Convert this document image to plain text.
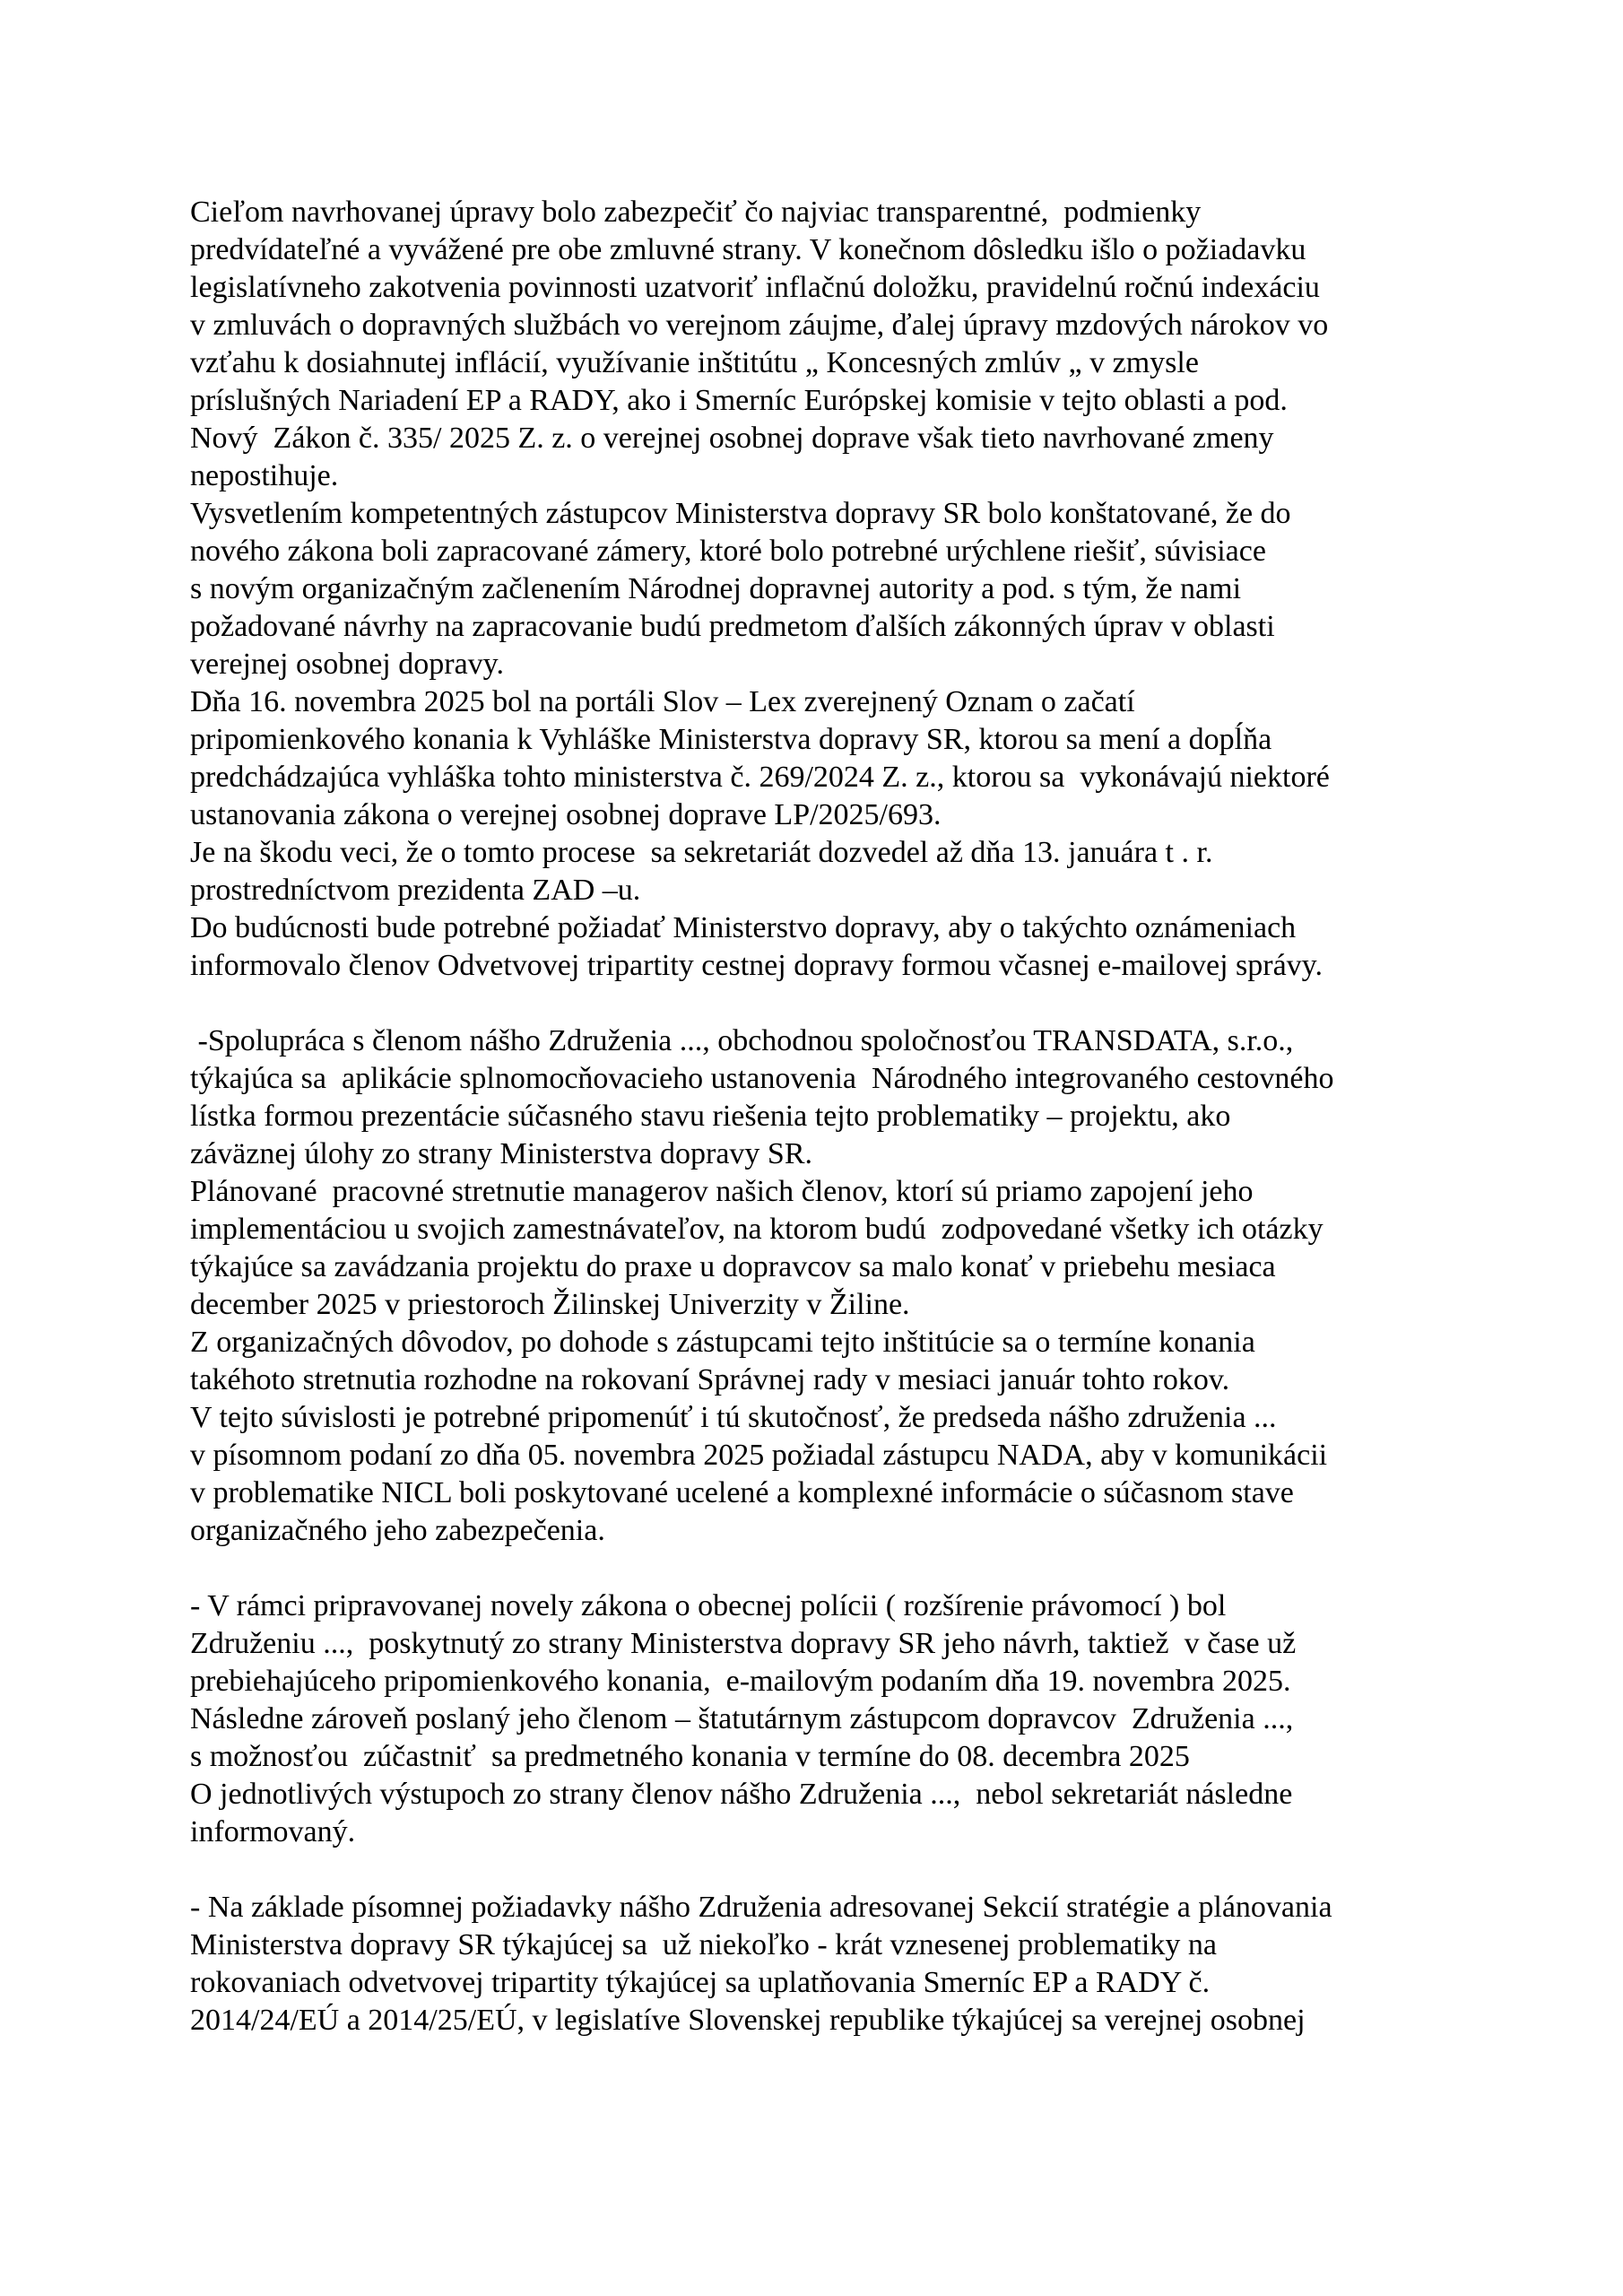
Cieľom navrhovanej úpravy bolo zabezpečiť čo najviac transparentné,  podmienky
predvídateľné a vyvážené pre obe zmluvné strany. V konečnom dôsledku išlo o požiadavku
legislatívneho zakotvenia povinnosti uzatvoriť inflačnú doložku, pravidelnú ročnú indexáciu
v zmluvách o dopravných službách vo verejnom záujme, ďalej úpravy mzdových nárokov vo
vzťahu k dosiahnutej inflácií, využívanie inštitútu „ Koncesných zmlúv „ v zmysle
príslušných Nariadení EP a RADY, ako i Smerníc Európskej komisie v tejto oblasti a pod.
Nový  Zákon č. 335/ 2025 Z. z. o verejnej osobnej doprave však tieto navrhované zmeny
nepostihuje.
Vysvetlením kompetentných zástupcov Ministerstva dopravy SR bolo konštatované, že do
nového zákona boli zapracované zámery, ktoré bolo potrebné urýchlene riešiť, súvisiace
s novým organizačným začlenením Národnej dopravnej autority a pod. s tým, že nami
požadované návrhy na zapracovanie budú predmetom ďalších zákonných úprav v oblasti
verejnej osobnej dopravy.
Dňa 16. novembra 2025 bol na portáli Slov – Lex zverejnený Oznam o začatí
pripomienkového konania k Vyhláške Ministerstva dopravy SR, ktorou sa mení a dopĺňa
predchádzajúca vyhláška tohto ministerstva č. 269/2024 Z. z., ktorou sa  vykonávajú niektoré
ustanovania zákona o verejnej osobnej doprave LP/2025/693.
Je na škodu veci, že o tomto procese  sa sekretariát dozvedel až dňa 13. januára t . r.
prostredníctvom prezidenta ZAD –u.
Do budúcnosti bude potrebné požiadať Ministerstvo dopravy, aby o takýchto oznámeniach
informovalo členov Odvetvovej tripartity cestnej dopravy formou včasnej e-mailovej správy.

-Spolupráca s členom nášho Združenia ..., obchodnou spoločnosťou TRANSDATA, s.r.o.,
týkajúca sa  aplikácie splnomocňovacieho ustanovenia  Národného integrovaného cestovného
lístka formou prezentácie súčasného stavu riešenia tejto problematiky – projektu, ako
záväznej úlohy zo strany Ministerstva dopravy SR.
Plánované  pracovné stretnutie managerov našich členov, ktorí sú priamo zapojení jeho
implementáciou u svojich zamestnávateľov, na ktorom budú  zodpovedané všetky ich otázky
týkajúce sa zavádzania projektu do praxe u dopravcov sa malo konať v priebehu mesiaca
december 2025 v priestoroch Žilinskej Univerzity v Žiline.
Z organizačných dôvodov, po dohode s zástupcami tejto inštitúcie sa o termíne konania
takéhoto stretnutia rozhodne na rokovaní Správnej rady v mesiaci január tohto rokov.
V tejto súvislosti je potrebné pripomenúť i tú skutočnosť, že predseda nášho združenia ...
v písomnom podaní zo dňa 05. novembra 2025 požiadal zástupcu NADA, aby v komunikácii
v problematike NICL boli poskytované ucelené a komplexné informácie o súčasnom stave
organizačného jeho zabezpečenia.

- V rámci pripravovanej novely zákona o obecnej polícii ( rozšírenie právomocí ) bol
Združeniu ...,  poskytnutý zo strany Ministerstva dopravy SR jeho návrh, taktiež  v čase už
prebiehajúceho pripomienkového konania,  e-mailovým podaním dňa 19. novembra 2025.
Následne zároveň poslaný jeho členom – štatutárnym zástupcom dopravcov  Združenia ...,
s možnosťou  zúčastniť  sa predmetného konania v termíne do 08. decembra 2025
O jednotlivých výstupoch zo strany členov nášho Združenia ...,  nebol sekretariát následne
informovaný.

- Na základe písomnej požiadavky nášho Združenia adresovanej Sekcií stratégie a plánovania
Ministerstva dopravy SR týkajúcej sa  už niekoľko - krát vznesenej problematiky na
rokovaniach odvetvovej tripartity týkajúcej sa uplatňovania Smerníc EP a RADY č.
2014/24/EÚ a 2014/25/EÚ, v legislatíve Slovenskej republike týkajúcej sa verejnej osobnej
